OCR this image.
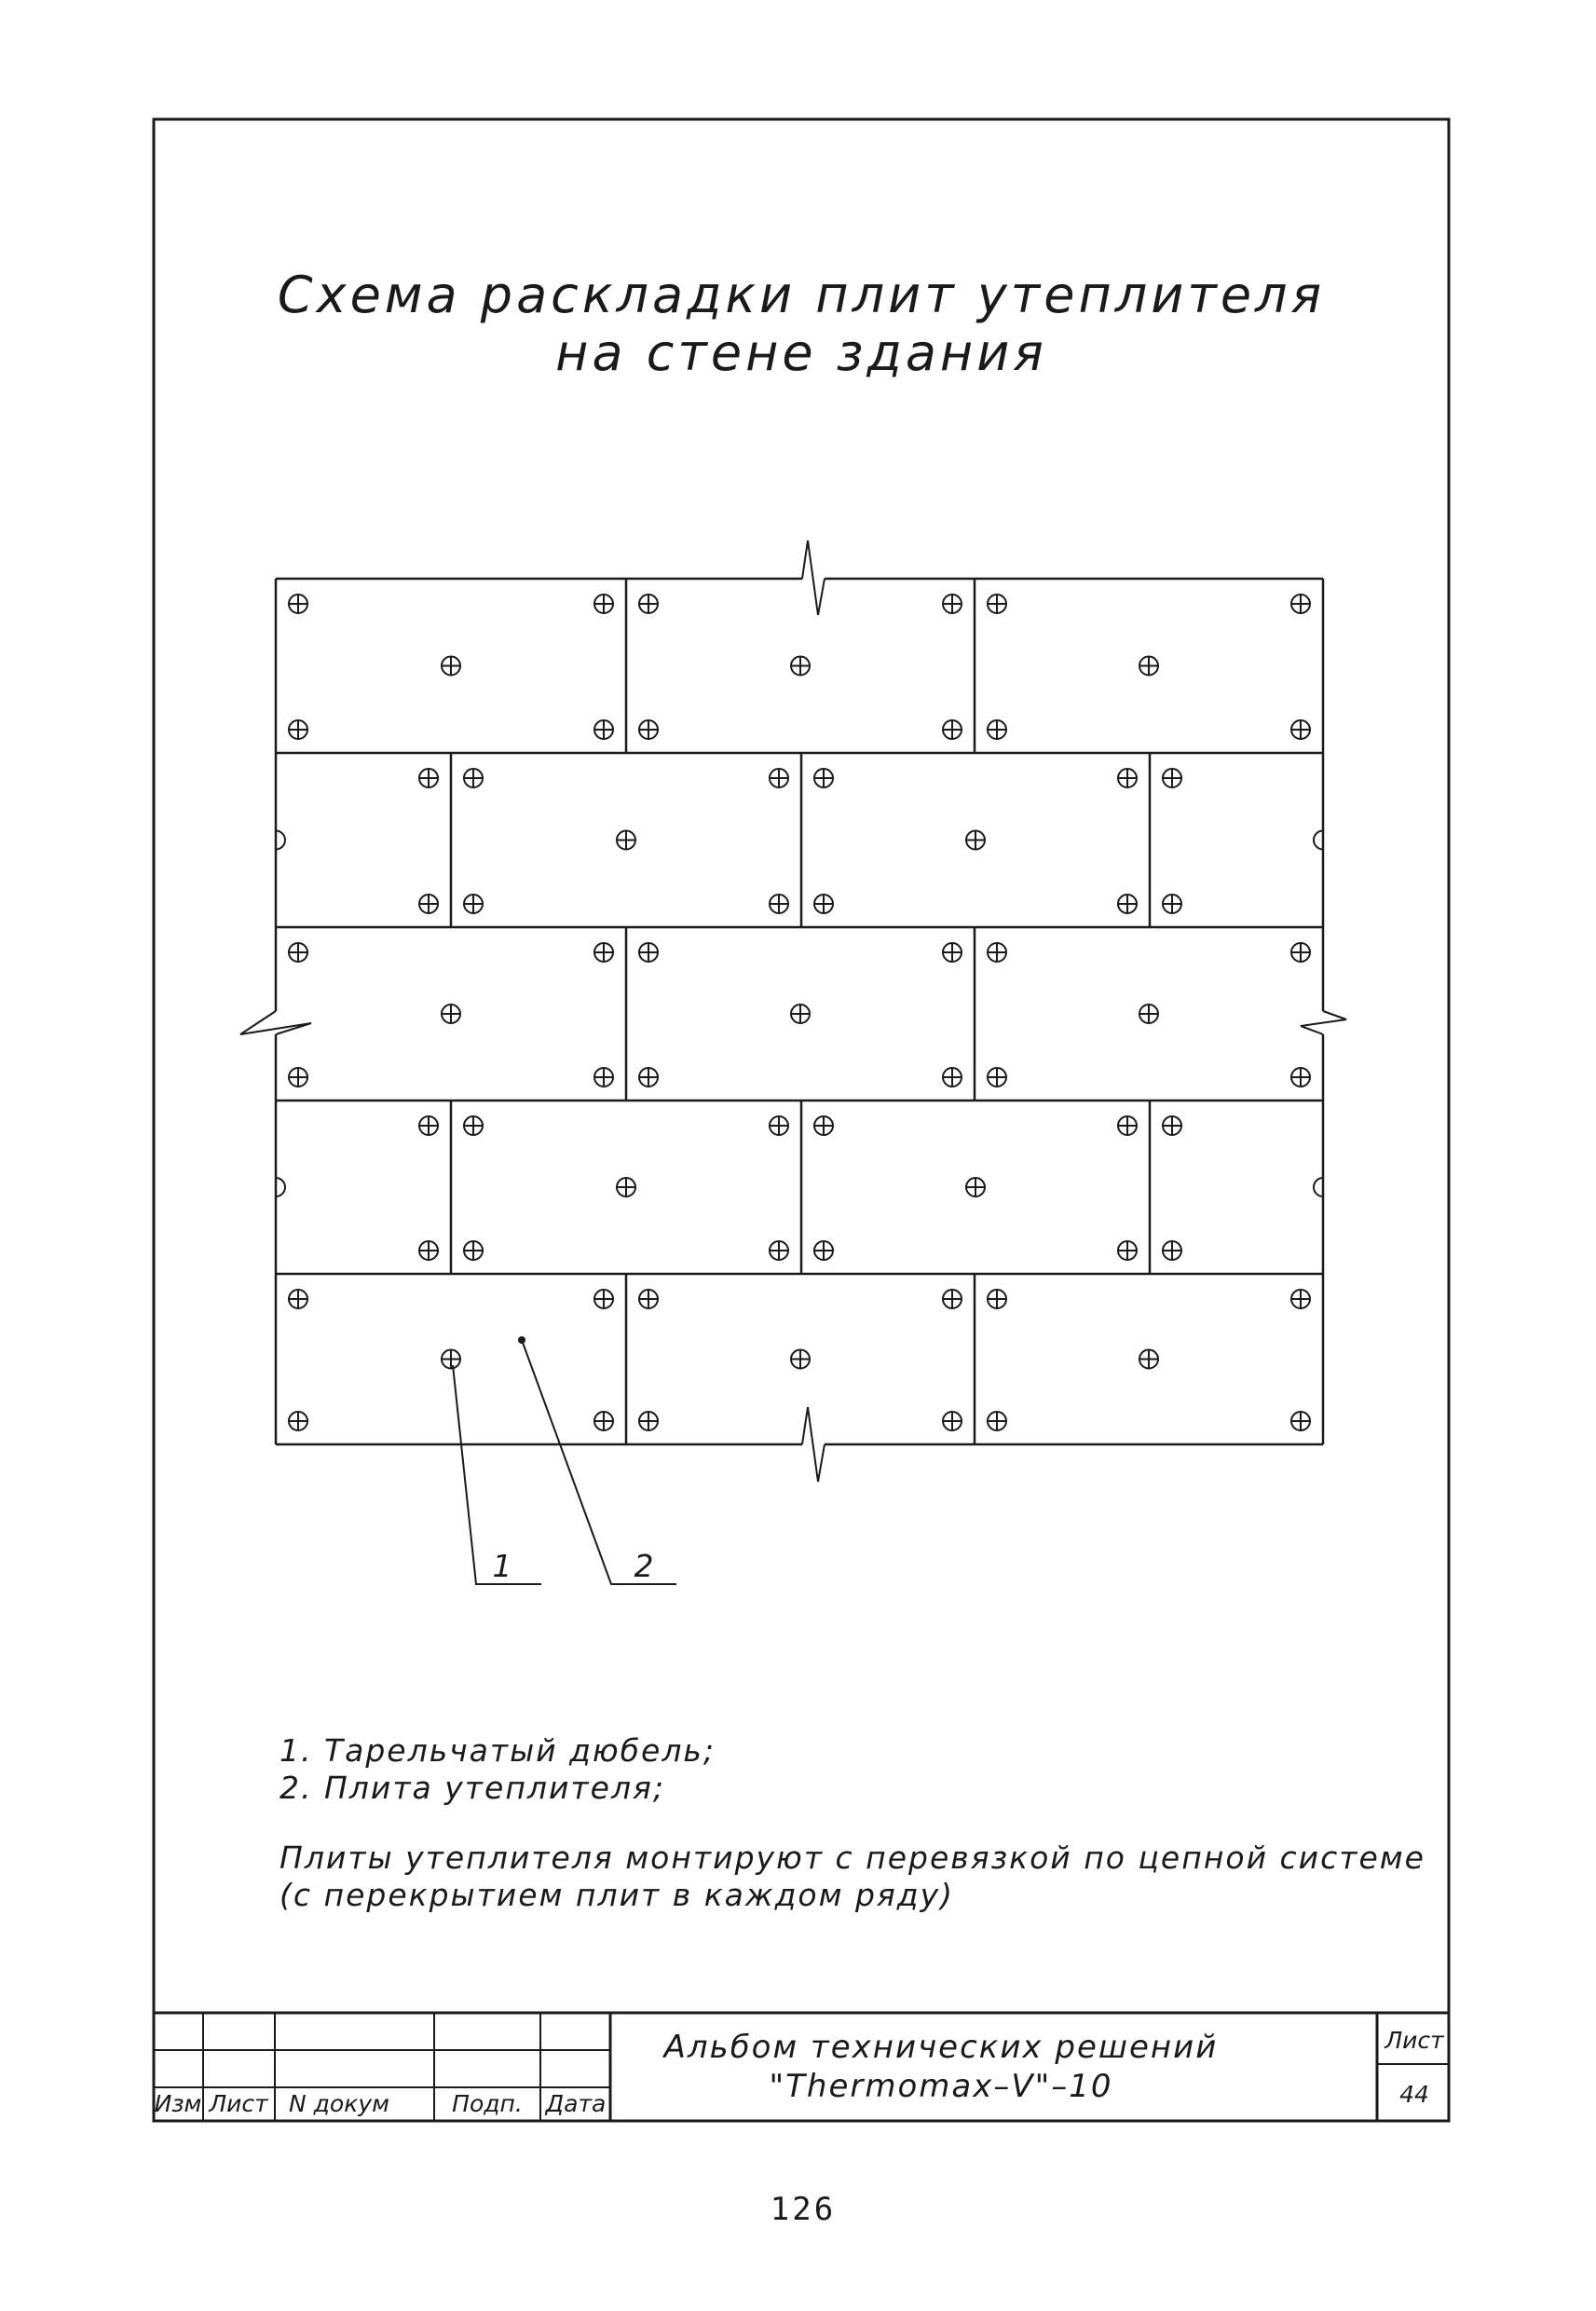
Схема раскладки плит утеплителя
на стене здания
1	2
1. Тарельчатый дюбель;
2. Плита утеплителя;
Плиты утеплителя монтируют с перевязкой по цепной системе
(с перекрытием плит в каждом ряду)
Изм Лист N докум	Подп. Дата
Альбом технических решений
"Thermomax–V"–10
Лист
44
126
